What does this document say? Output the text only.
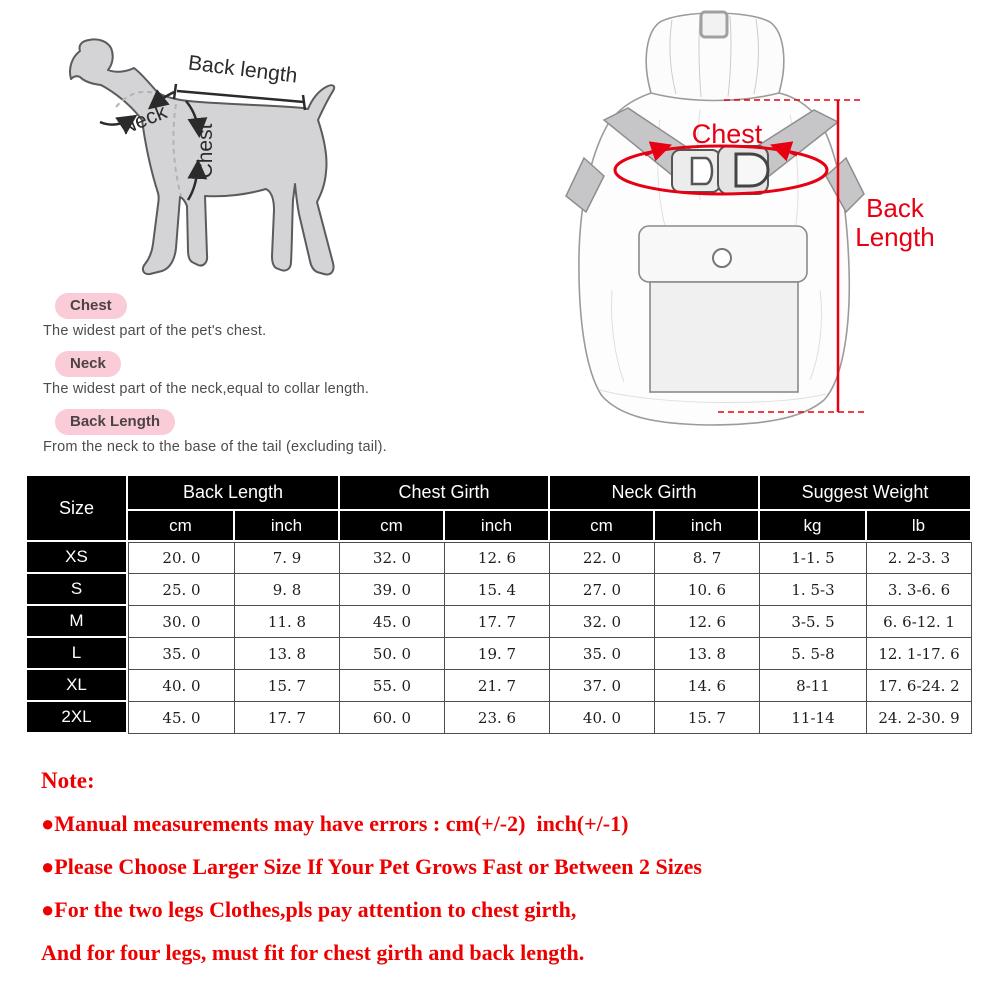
Back length
Neck
Chest	Chest
Back
Length
Chest
The widest part of the pet's chest.
Neck
The widest part of the neck,equal to collar length.
Back Length
From the neck to the base of the tail (excluding tail).
Size	Back Length		Chest Girth		Neck Girth		Suggest Weight	
	cm	inch	cm	inch	cm	inch	kg	lb
XS	20. 0	7. 9	32. 0	12. 6	22. 0	8. 7	1-1. 5	2. 2-3. 3
S	25. 0	9. 8	39. 0	15. 4	27. 0	10. 6	1. 5-3	3. 3-6. 6
M	30. 0	11. 8	45. 0	17. 7	32. 0	12. 6	3-5. 5	6. 6-12. 1
L	35. 0	13. 8	50. 0	19. 7	35. 0	13. 8	5. 5-8	12. 1-17. 6
XL	40. 0	15. 7	55. 0	21. 7	37. 0	14. 6	8-11	17. 6-24. 2
2XL	45. 0	17. 7	60. 0	23. 6	40. 0	15. 7	11-14	24. 2-30. 9
Note:
●Manual measurements may have errors : cm(+/-2)  inch(+/-1)
●Please Choose Larger Size If Your Pet Grows Fast or Between 2 Sizes
●For the two legs Clothes,pls pay attention to chest girth,
And for four legs, must fit for chest girth and back length.
